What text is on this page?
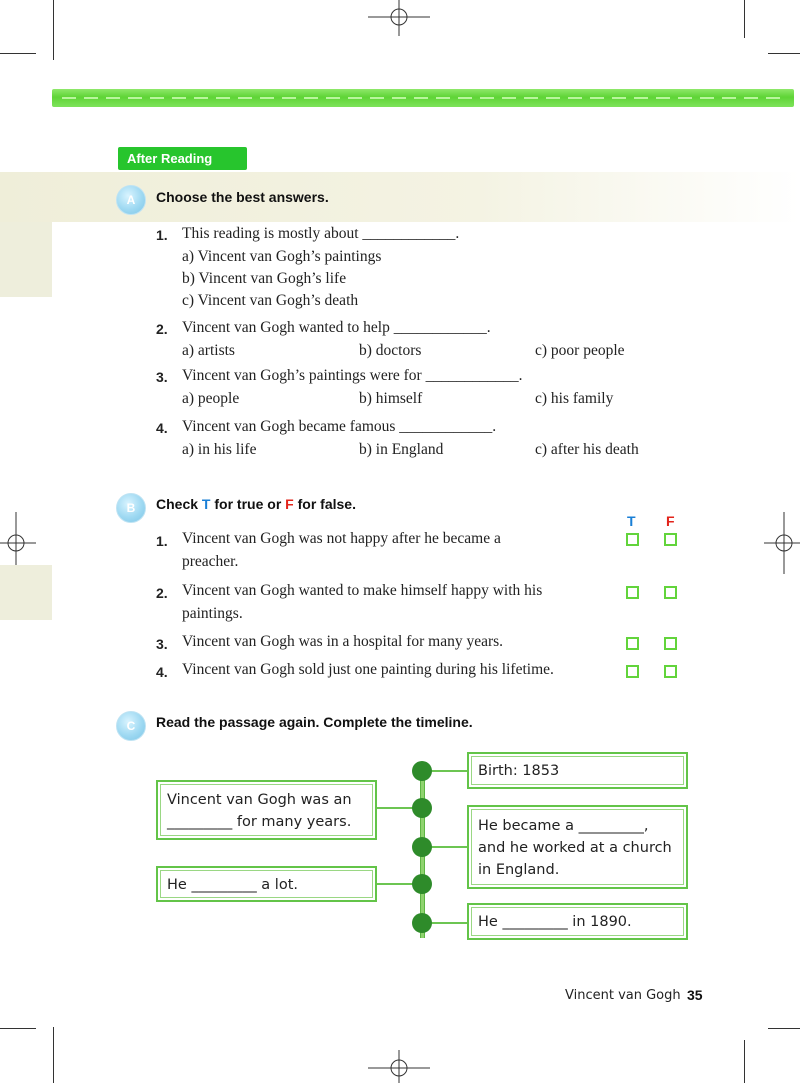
After Reading
A	Choose the best answers.
1. This reading is mostly about ____________.
a) Vincent van Gogh’s paintings
b) Vincent van Gogh’s life
c) Vincent van Gogh’s death
2. Vincent van Gogh wanted to help ____________.
a) artists	b) doctors	c) poor people
3. Vincent van Gogh’s paintings were for ____________.
a) people	b) himself	c) his family
4. Vincent van Gogh became famous ____________.
a) in his life	b) in England	c) after his death
B	Check T for true or F for false.
T F
1. Vincent van Gogh was not happy after he became a
preacher.
2. Vincent van Gogh wanted to make himself happy with his
paintings.
3. Vincent van Gogh was in a hospital for many years.
4. Vincent van Gogh sold just one painting during his lifetime.
C	Read the passage again. Complete the timeline.
Vincent van Gogh was an
_________ for many years.
He _________ a lot.
Birth: 1853
He became a _________,
and he worked at a church
in England.
He _________ in 1890.
Vincent van Gogh 35
